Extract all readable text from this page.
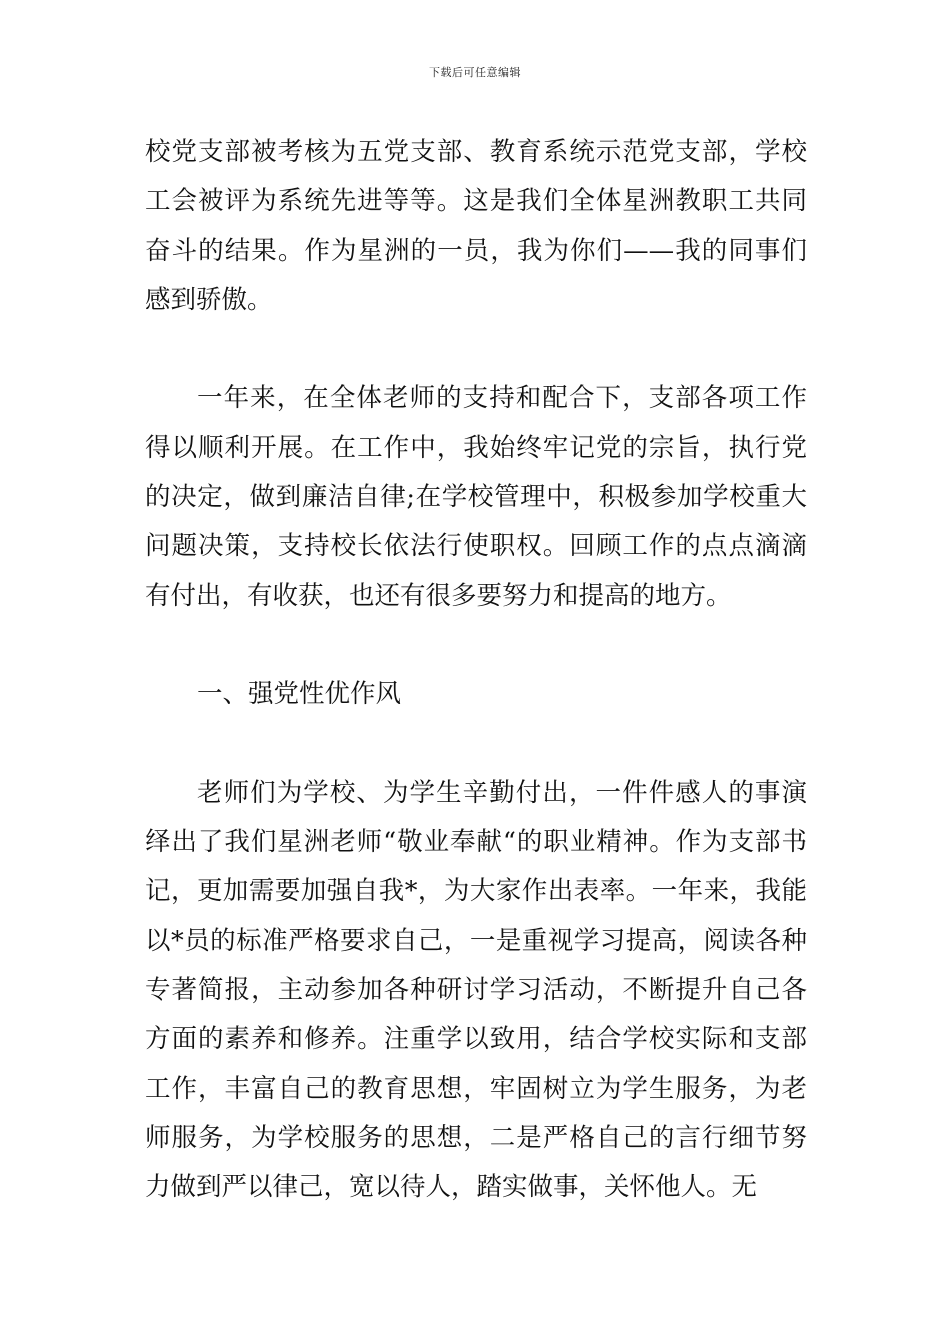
下载后可任意编辑

校党支部被考核为五党支部、教育系统示范党支部，学校工会被评为系统先进等等。这是我们全体星洲教职工共同奋斗的结果。作为星洲的一员，我为你们——我的同事们感到骄傲。

一年来，在全体老师的支持和配合下，支部各项工作得以顺利开展。在工作中，我始终牢记党的宗旨，执行党的决定，做到廉洁自律;在学校管理中，积极参加学校重大问题决策，支持校长依法行使职权。回顾工作的点点滴滴有付出，有收获，也还有很多要努力和提高的地方。

一、强党性优作风

老师们为学校、为学生辛勤付出，一件件感人的事演绎出了我们星洲老师“敬业奉献“的职业精神。作为支部书记，更加需要加强自我*，为大家作出表率。一年来，我能以*员的标准严格要求自己，一是重视学习提高，阅读各种专著简报，主动参加各种研讨学习活动，不断提升自己各方面的素养和修养。注重学以致用，结合学校实际和支部工作，丰富自己的教育思想，牢固树立为学生服务，为老师服务，为学校服务的思想，二是严格自己的言行细节努力做到严以律己，宽以待人，踏实做事，关怀他人。无
